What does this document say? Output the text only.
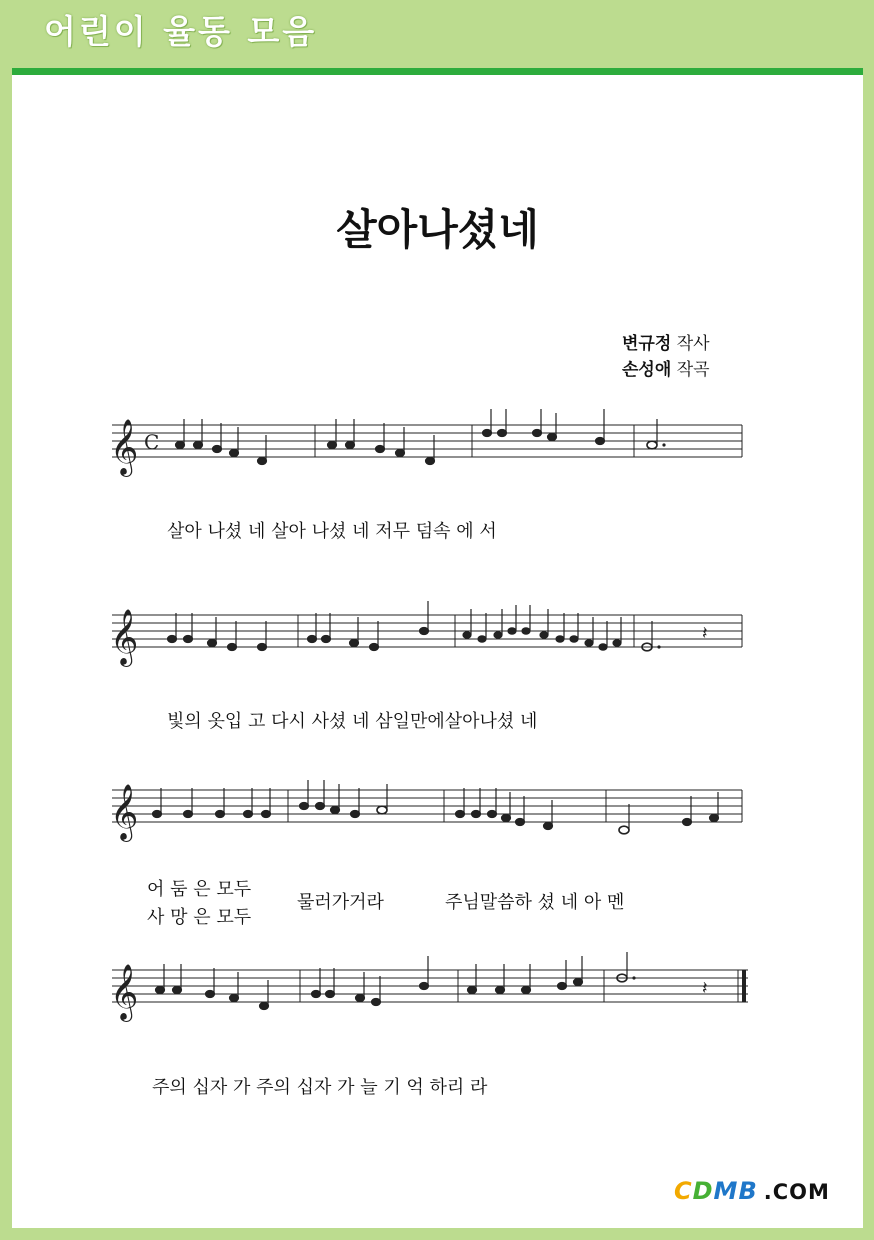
어린이 율동 모음
살아나셨네
변규정 작사
손성애 작곡
𝄞 C
살아 나셨 네 살아 나셨 네 저무 덤속 에 서
𝄞	𝄽
빛의 옷입 고 다시 사셨 네 삼일만에살아나셨 네
𝄞
어 둠 은 모두
사 망 은 모두
물러가거라	주님말씀하 셨 네 아 멘
𝄞	𝄽
주의 십자 가 주의 십자 가 늘 기 억 하리 라
CDMB .COM
